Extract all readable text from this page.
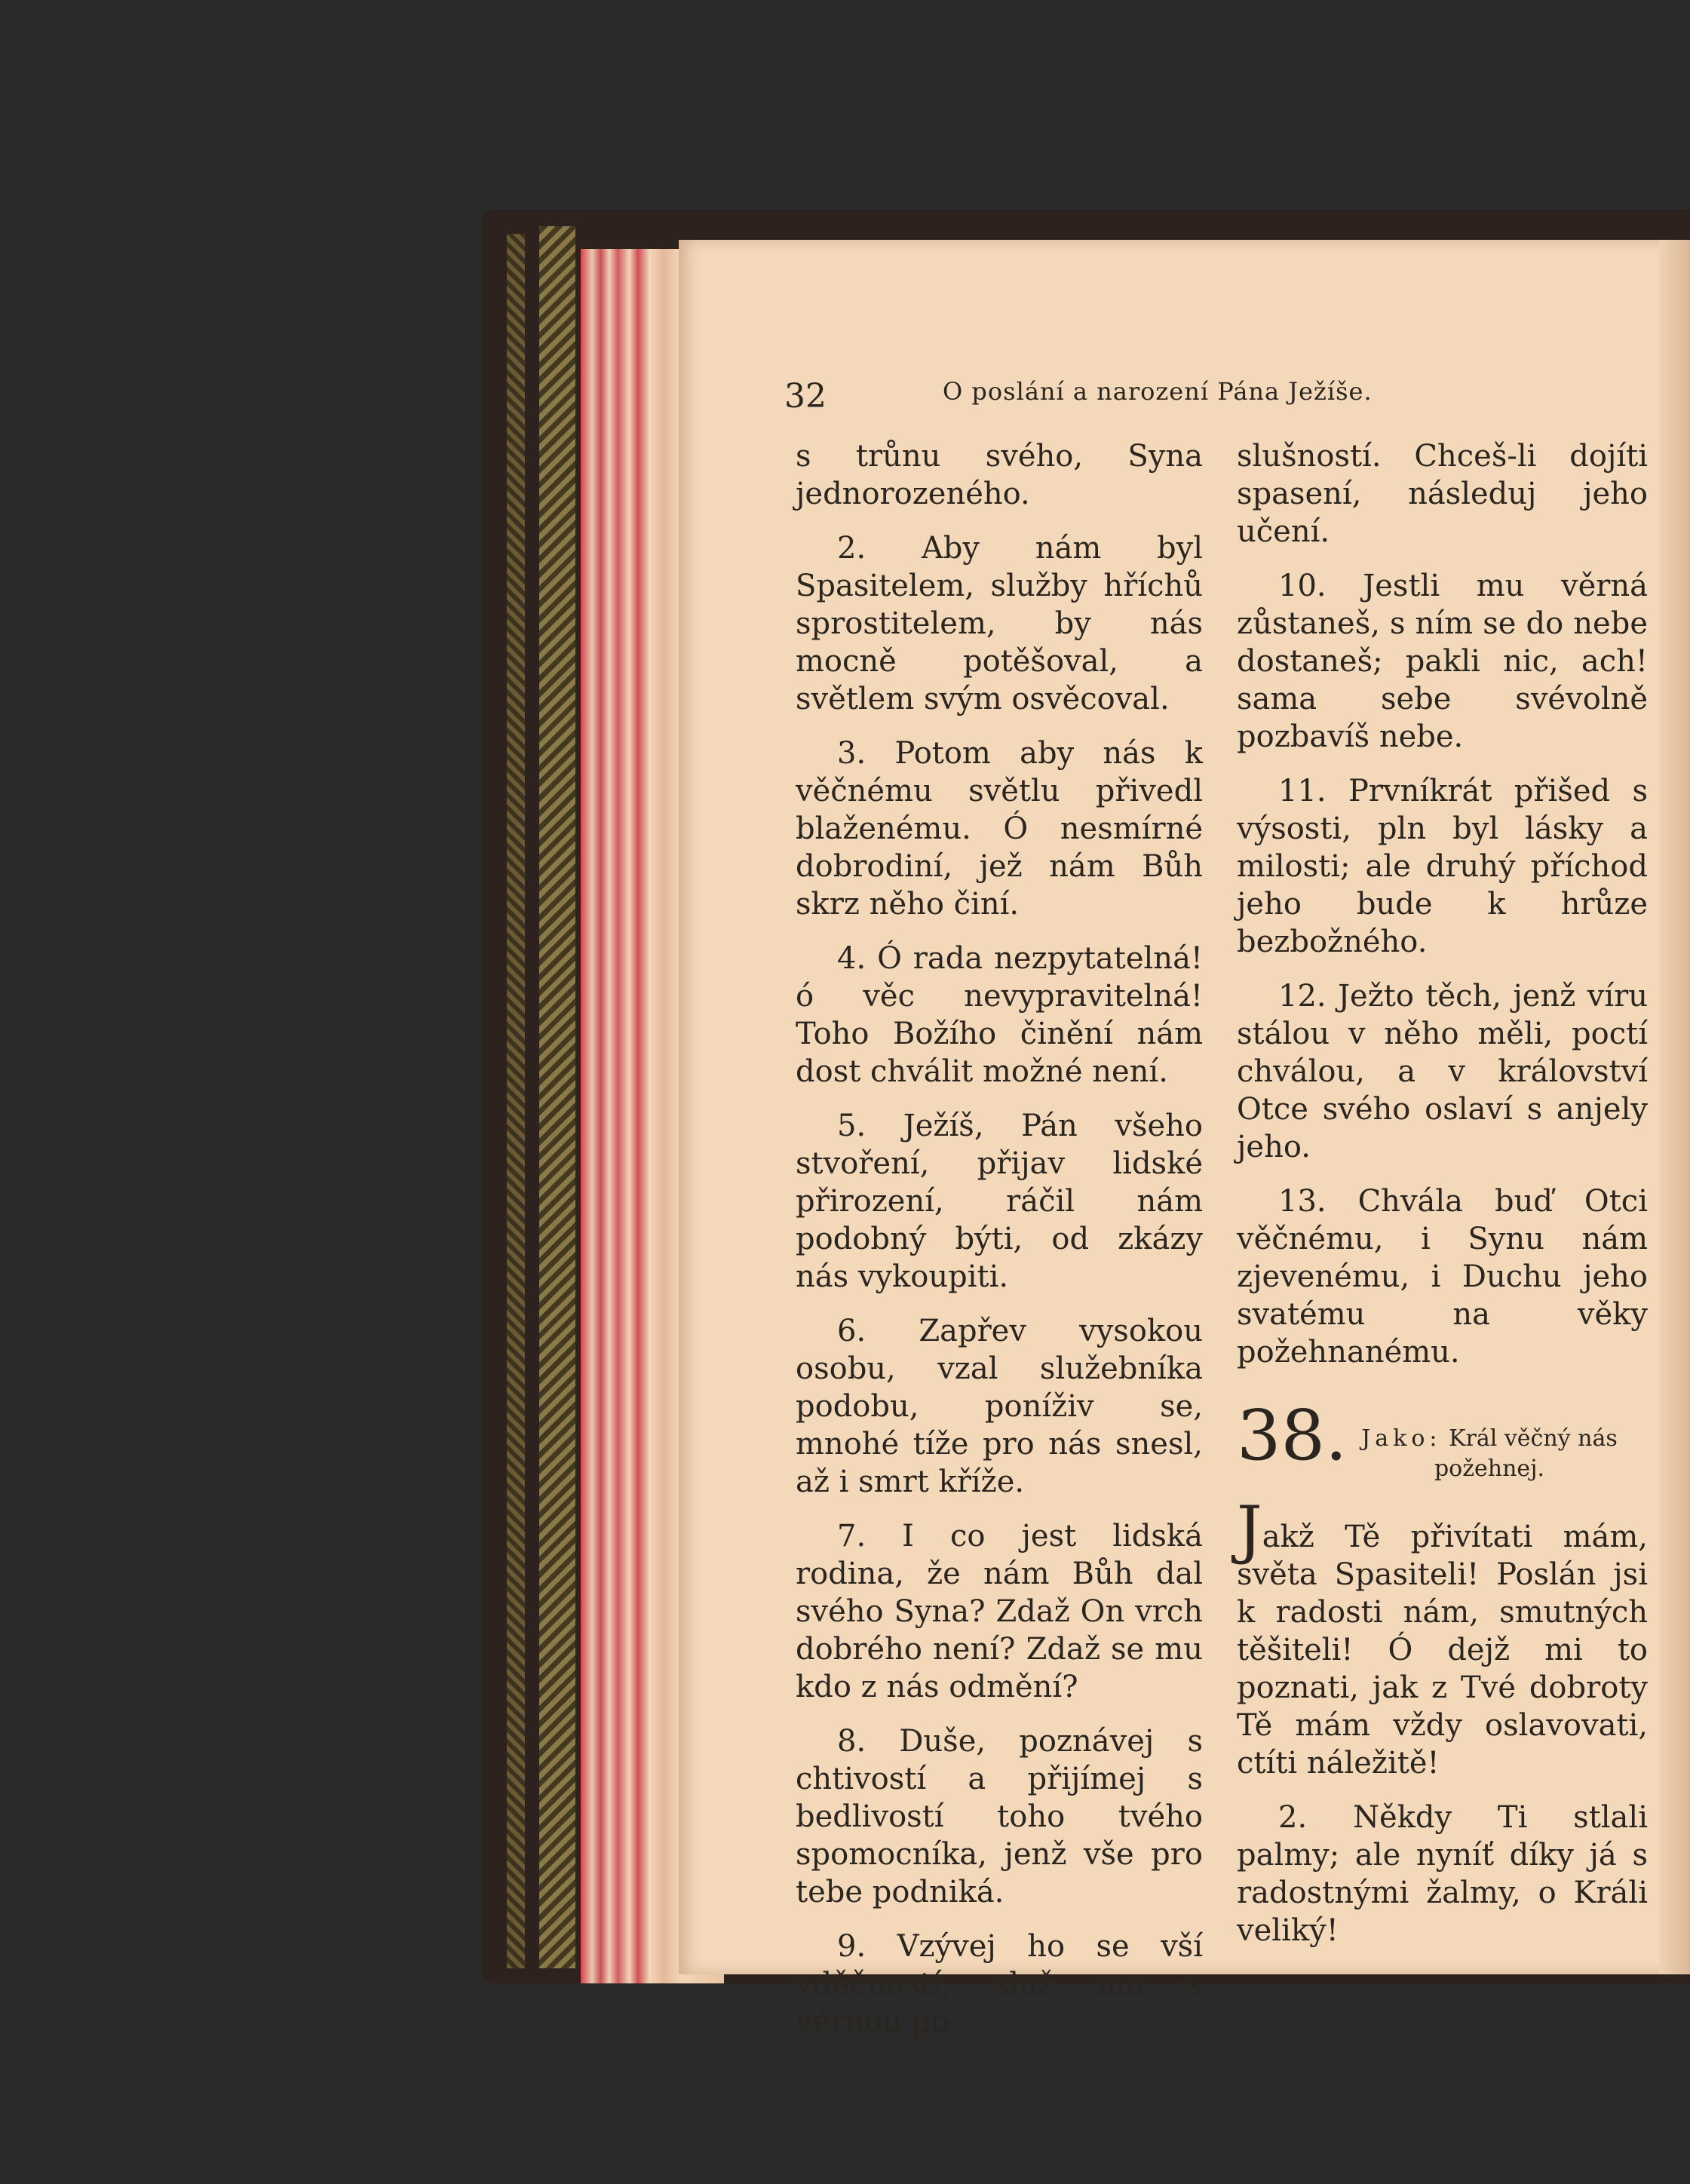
32	O poslání a narození Pána Ježíše.

s trůnu svého, Syna jednorozeného.

2. Aby nám byl Spasitelem, služby hříchů sprostitelem, by nás mocně potěšoval, a světlem svým osvěcoval.

3. Potom aby nás k věčnému světlu přivedl blaženému. Ó nesmírné dobrodiní, jež nám Bůh skrz něho činí.

4. Ó rada nezpytatelná! ó věc nevypravitelná! Toho Božího činění nám dost chválit možné není.

5. Ježíš, Pán všeho stvoření, přijav lidské přirození, ráčil nám podobný býti, od zkázy nás vykoupiti.

6. Zapřev vysokou osobu, vzal služebníka podobu, poníživ se, mnohé tíže pro nás snesl, až i smrt kříže.

7. I co jest lidská rodina, že nám Bůh dal svého Syna? Zdaž On vrch dobrého není? Zdaž se mu kdo z nás odmění?

8. Duše, poznávej s chtivostí a přijímej s bedlivostí toho tvého spomocníka, jenž vše pro tebe podniká.

9. Vzývej ho se vší vděčností, služ mu s věrnou po-

slušností. Chceš-li dojíti spasení, následuj jeho učení.

10. Jestli mu věrná zůstaneš, s ním se do nebe dostaneš; pakli nic, ach! sama sebe svévolně pozbavíš nebe.

11. Prvníkrát přišed s výsosti, pln byl lásky a milosti; ale druhý příchod jeho bude k hrůze bezbožného.

12. Ježto těch, jenž víru stálou v něho měli, poctí chválou, a v království Otce svého oslaví s anjely jeho.

13. Chvála buď Otci věčnému, i Synu nám zjevenému, i Duchu jeho svatému na věky požehnanému.

38. Jako: Král věčný nás požehnej.

Jakž Tě přivítati mám, světa Spasiteli! Poslán jsi k radosti nám, smutných těšiteli! Ó dejž mi to poznati, jak z Tvé dobroty Tě mám vždy oslavovati, ctíti náležitě!

2. Někdy Ti stlali palmy; ale nyníť díky já s radostnými žalmy, o Králi veliký!
